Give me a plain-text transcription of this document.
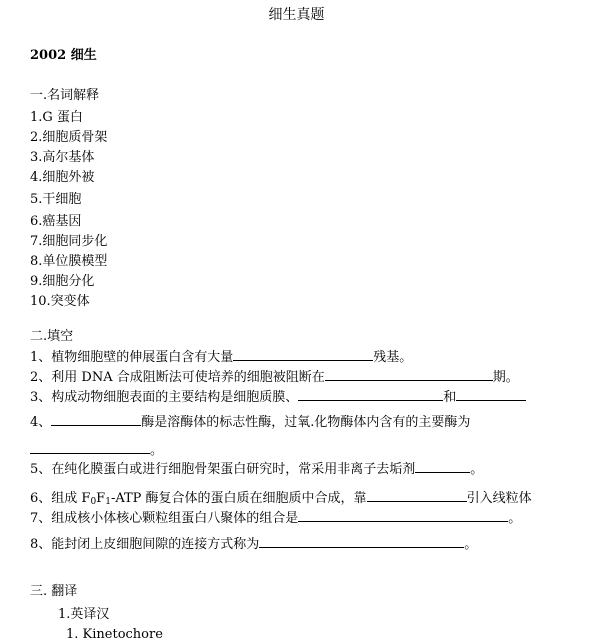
细生真题
2002 细生
一.名词解释
1.G 蛋白
2.细胞质骨架
3.高尔基体
4.细胞外被
5.干细胞
6.癌基因
7.细胞同步化
8.单位膜模型
9.细胞分化
10.突变体
二.填空
1、植物细胞壁的伸展蛋白含有大量	残基。
2、利用 DNA 合成阻断法可使培养的细胞被阻断在	期。
3、构成动物细胞表面的主要结构是细胞质膜、	和
4、	酶是溶酶体的标志性酶，过氧.化物酶体内含有的主要酶为
。
5、在纯化膜蛋白或进行细胞骨架蛋白研究时，常采用非离子去垢剂	。
6、组成 $F_0F_1$-ATP 酶复合体的蛋白质在细胞质中合成，靠	引入线粒体
7、组成核小体核心颗粒组蛋白八聚体的组合是	。
8、能封闭上皮细胞间隙的连接方式称为	。
三. 翻译
1.英译汉
1. Kinetochore
